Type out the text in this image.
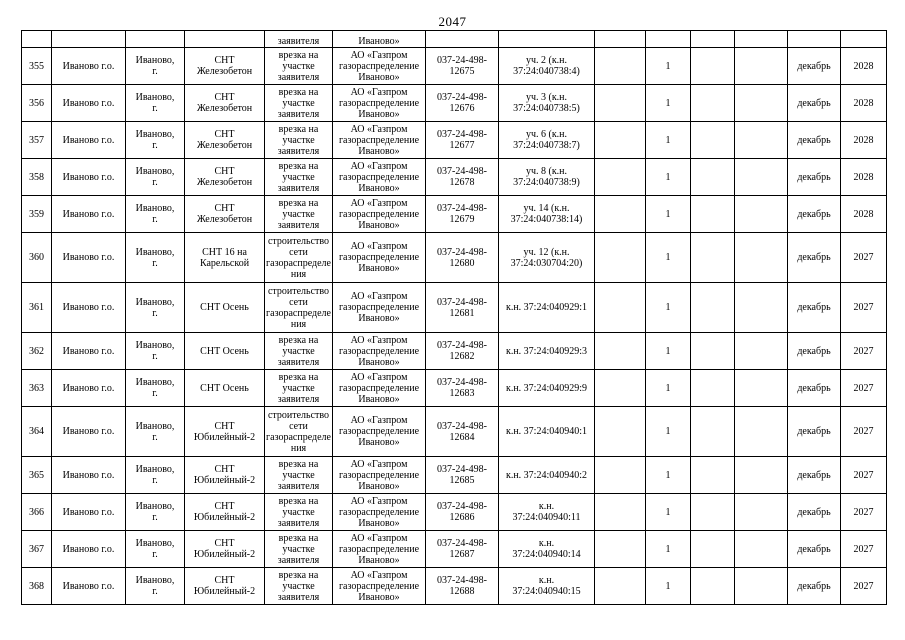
2047
				заявителя	Иваново»								
355	Иваново г.о.	Иваново,
г.	СНТ
Железобетон	врезка на
участке
заявителя	АО «Газпром
газораспределение
Иваново»	037-24-498-
12675	уч. 2 (к.н.
37:24:040738:4)		1			декабрь	2028
356	Иваново г.о.	Иваново,
г.	СНТ
Железобетон	врезка на
участке
заявителя	АО «Газпром
газораспределение
Иваново»	037-24-498-
12676	уч. 3 (к.н.
37:24:040738:5)		1			декабрь	2028
357	Иваново г.о.	Иваново,
г.	СНТ
Железобетон	врезка на
участке
заявителя	АО «Газпром
газораспределение
Иваново»	037-24-498-
12677	уч. 6 (к.н.
37:24:040738:7)		1			декабрь	2028
358	Иваново г.о.	Иваново,
г.	СНТ
Железобетон	врезка на
участке
заявителя	АО «Газпром
газораспределение
Иваново»	037-24-498-
12678	уч. 8 (к.н.
37:24:040738:9)		1			декабрь	2028
359	Иваново г.о.	Иваново,
г.	СНТ
Железобетон	врезка на
участке
заявителя	АО «Газпром
газораспределение
Иваново»	037-24-498-
12679	уч. 14 (к.н.
37:24:040738:14)		1			декабрь	2028
360	Иваново г.о.	Иваново,
г.	СНТ 16 на
Карельской	строительство
сети
газораспределе
ния	АО «Газпром
газораспределение
Иваново»	037-24-498-
12680	уч. 12 (к.н.
37:24:030704:20)		1			декабрь	2027
361	Иваново г.о.	Иваново,
г.	СНТ Осень	строительство
сети
газораспределе
ния	АО «Газпром
газораспределение
Иваново»	037-24-498-
12681	к.н. 37:24:040929:1		1			декабрь	2027
362	Иваново г.о.	Иваново,
г.	СНТ Осень	врезка на
участке
заявителя	АО «Газпром
газораспределение
Иваново»	037-24-498-
12682	к.н. 37:24:040929:3		1			декабрь	2027
363	Иваново г.о.	Иваново,
г.	СНТ Осень	врезка на
участке
заявителя	АО «Газпром
газораспределение
Иваново»	037-24-498-
12683	к.н. 37:24:040929:9		1			декабрь	2027
364	Иваново г.о.	Иваново,
г.	СНТ
Юбилейный-2	строительство
сети
газораспределе
ния	АО «Газпром
газораспределение
Иваново»	037-24-498-
12684	к.н. 37:24:040940:1		1			декабрь	2027
365	Иваново г.о.	Иваново,
г.	СНТ
Юбилейный-2	врезка на
участке
заявителя	АО «Газпром
газораспределение
Иваново»	037-24-498-
12685	к.н. 37:24:040940:2		1			декабрь	2027
366	Иваново г.о.	Иваново,
г.	СНТ
Юбилейный-2	врезка на
участке
заявителя	АО «Газпром
газораспределение
Иваново»	037-24-498-
12686	к.н.
37:24:040940:11		1			декабрь	2027
367	Иваново г.о.	Иваново,
г.	СНТ
Юбилейный-2	врезка на
участке
заявителя	АО «Газпром
газораспределение
Иваново»	037-24-498-
12687	к.н.
37:24:040940:14		1			декабрь	2027
368	Иваново г.о.	Иваново,
г.	СНТ
Юбилейный-2	врезка на
участке
заявителя	АО «Газпром
газораспределение
Иваново»	037-24-498-
12688	к.н.
37:24:040940:15		1			декабрь	2027
